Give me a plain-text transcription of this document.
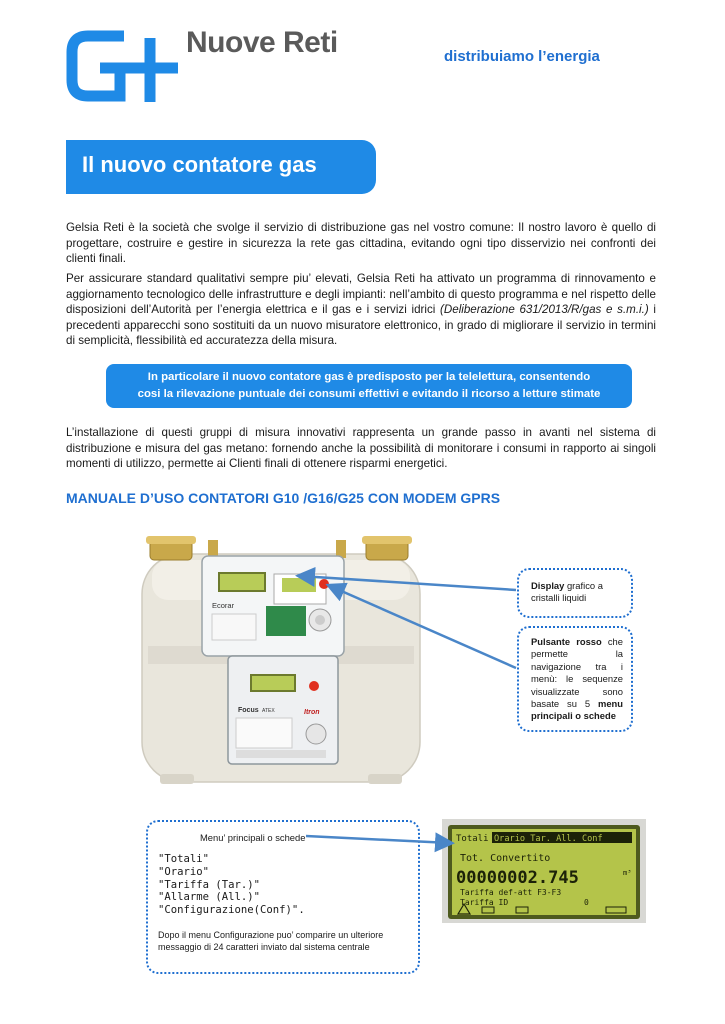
Nuove Reti	distribuiamo l’energia
Il nuovo contatore gas
Gelsia Reti è la società che svolge il servizio di distribuzione gas nel vostro comune: Il nostro lavoro è quello di progettare, costruire e gestire in sicurezza la rete gas cittadina, evitando ogni tipo disservizio nei confronti dei clienti finali.
Per assicurare standard qualitativi sempre piu’ elevati, Gelsia Reti ha attivato un programma di rinnovamento e aggiornamento tecnologico delle infrastrutture e degli impianti: nell’ambito di questo programma e nel rispetto delle disposizioni dell’Autorità per l’energia elettrica e il gas e i servizi idrici (Deliberazione 631/2013/R/gas e s.m.i.) i precedenti apparecchi sono sostituiti da un nuovo misuratore elettronico, in grado di migliorare il servizio in termini di semplicità, flessibilità ed accuratezza della misura.
In particolare il nuovo contatore gas è predisposto per la telelettura, consentendo
cosi la rilevazione puntuale dei consumi effettivi e evitando il ricorso a letture stimate
L’installazione di questi gruppi di misura innovativi rappresenta un grande passo in avanti nel sistema di distribuzione e misura del gas metano: fornendo anche la possibilità di monitorare i consumi in rapporto ai singoli momenti di utilizzo, permette ai Clienti finali di ottenere risparmi energetici.
MANUALE D’USO CONTATORI G10 /G16/G25 CON MODEM GPRS
Ecorar
Focus ATEX	Itron
Display grafico a cristalli liquidi
Pulsante rosso che permette la navigazione tra i menù: le sequenze visualizzate sono basate su 5 menu principali o schede
Menu’ principali o schede
"Totali"
"Orario"
"Tariffa (Tar.)"
"Allarme (All.)"
"Configurazione(Conf)".
Dopo il menu Configurazione puo’ comparire un ulteriore messaggio di 24 caratteri inviato dal sistema centrale
Totali Orario Tar. All. Conf
Tot. Convertito
00000002.745	m³
Tariffa def-att F3-F3
Tariffa ID	0
